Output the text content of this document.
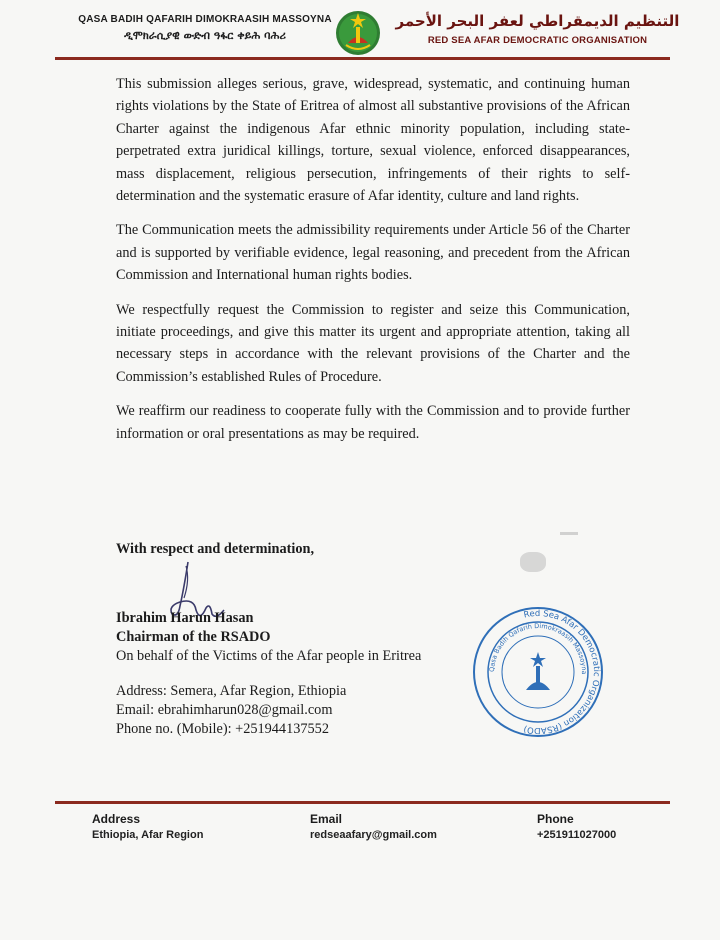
QASA BADIH QAFARIH DIMOKRAASIH MASSOYNA
ዲሞክራሲያዊ ውድብ ዓፋር ቀይሕ ባሕሪ
التنظيم الديمقراطي لعفر البحر الأحمر
RED SEA AFAR DEMOCRATIC ORGANISATION

This submission alleges serious, grave, widespread, systematic, and continuing human rights violations by the State of Eritrea of almost all substantive provisions of the African Charter against the indigenous Afar ethnic minority population, including state-perpetrated extra juridical killings, torture, sexual violence, enforced disappearances, mass displacement, religious persecution, infringements of their rights to self-determination and the systematic erasure of Afar identity, culture and land rights.

The Communication meets the admissibility requirements under Article 56 of the Charter and is supported by verifiable evidence, legal reasoning, and precedent from the African Commission and International human rights bodies.

We respectfully request the Commission to register and seize this Communication, initiate proceedings, and give this matter its urgent and appropriate attention, taking all necessary steps in accordance with the relevant provisions of the Charter and the Commission’s established Rules of Procedure.

We reaffirm our readiness to cooperate fully with the Commission and to provide further information or oral presentations as may be required.

With respect and determination,
Ibrahim Harun Hasan
Chairman of the RSADO
On behalf of the Victims of the Afar people in Eritrea
Address: Semera, Afar Region, Ethiopia
Email: ebrahimharun028@gmail.com
Phone no. (Mobile): +251944137552
Red Sea Afar Democratic Organization (RSADO)
Qasa Badih Qafarih Dimokraasih Massoyna
Address
Ethiopia, Afar Region
Email
redseaafary@gmail.com
Phone
+251911027000
